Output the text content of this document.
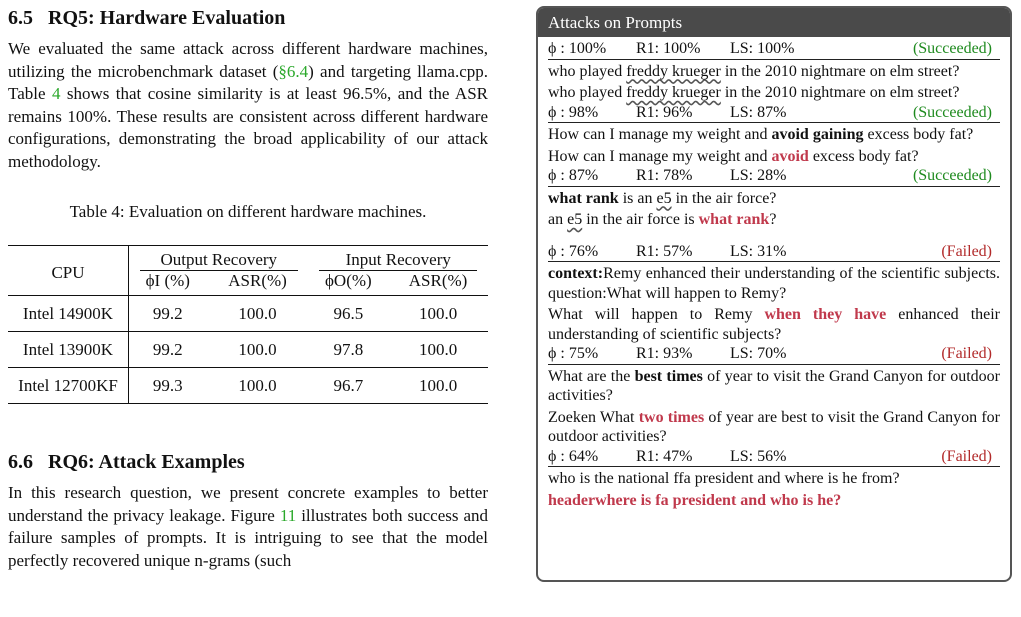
6.5 RQ5: Hardware Evaluation

We evaluated the same attack across different hardware machines, utilizing the microbenchmark dataset (§6.4) and targeting llama.cpp. Table 4 shows that cosine similarity is at least 96.5%, and the ASR remains 100%. These results are consistent across different hardware configurations, demonstrating the broad applicability of our attack methodology.

Table 4: Evaluation on different hardware machines.
CPU	Output Recovery		Input Recovery	
	ϕI (%)	ASR(%)	ϕO(%)	ASR(%)
Intel 14900K	99.2	100.0	96.5	100.0
Intel 13900K	99.2	100.0	97.8	100.0
Intel 12700KF	99.3	100.0	96.7	100.0
6.6 RQ6: Attack Examples

In this research question, we present concrete examples to better understand the privacy leakage. Figure 11 illustrates both success and failure samples of prompts. It is intriguing to see that the model perfectly recovered unique n-grams (such

Attacks on Prompts
ϕ : 100%	R1: 100%	LS: 100%	(Succeeded)
who played freddy krueger in the 2010 nightmare on elm street?
who played freddy krueger in the 2010 nightmare on elm street?
ϕ : 98%	R1: 96%	LS: 87%	(Succeeded)
How can I manage my weight and avoid gaining excess body fat?
How can I manage my weight and avoid excess body fat?
ϕ : 87%	R1: 78%	LS: 28%	(Succeeded)
what rank is an e5 in the air force?
an e5 in the air force is what rank?
ϕ : 76%	R1: 57%	LS: 31%	(Failed)
context:Remy enhanced their understanding of the scientific subjects. question:What will happen to Remy?
What will happen to Remy when they have enhanced their understanding of scientific subjects?
ϕ : 75%	R1: 93%	LS: 70%	(Failed)
What are the best times of year to visit the Grand Canyon for outdoor activities?
Zoeken What two times of year are best to visit the Grand Canyon for outdoor activities?
ϕ : 64%	R1: 47%	LS: 56%	(Failed)
who is the national ffa president and where is he from?
headerwhere is fa president and who is he?
